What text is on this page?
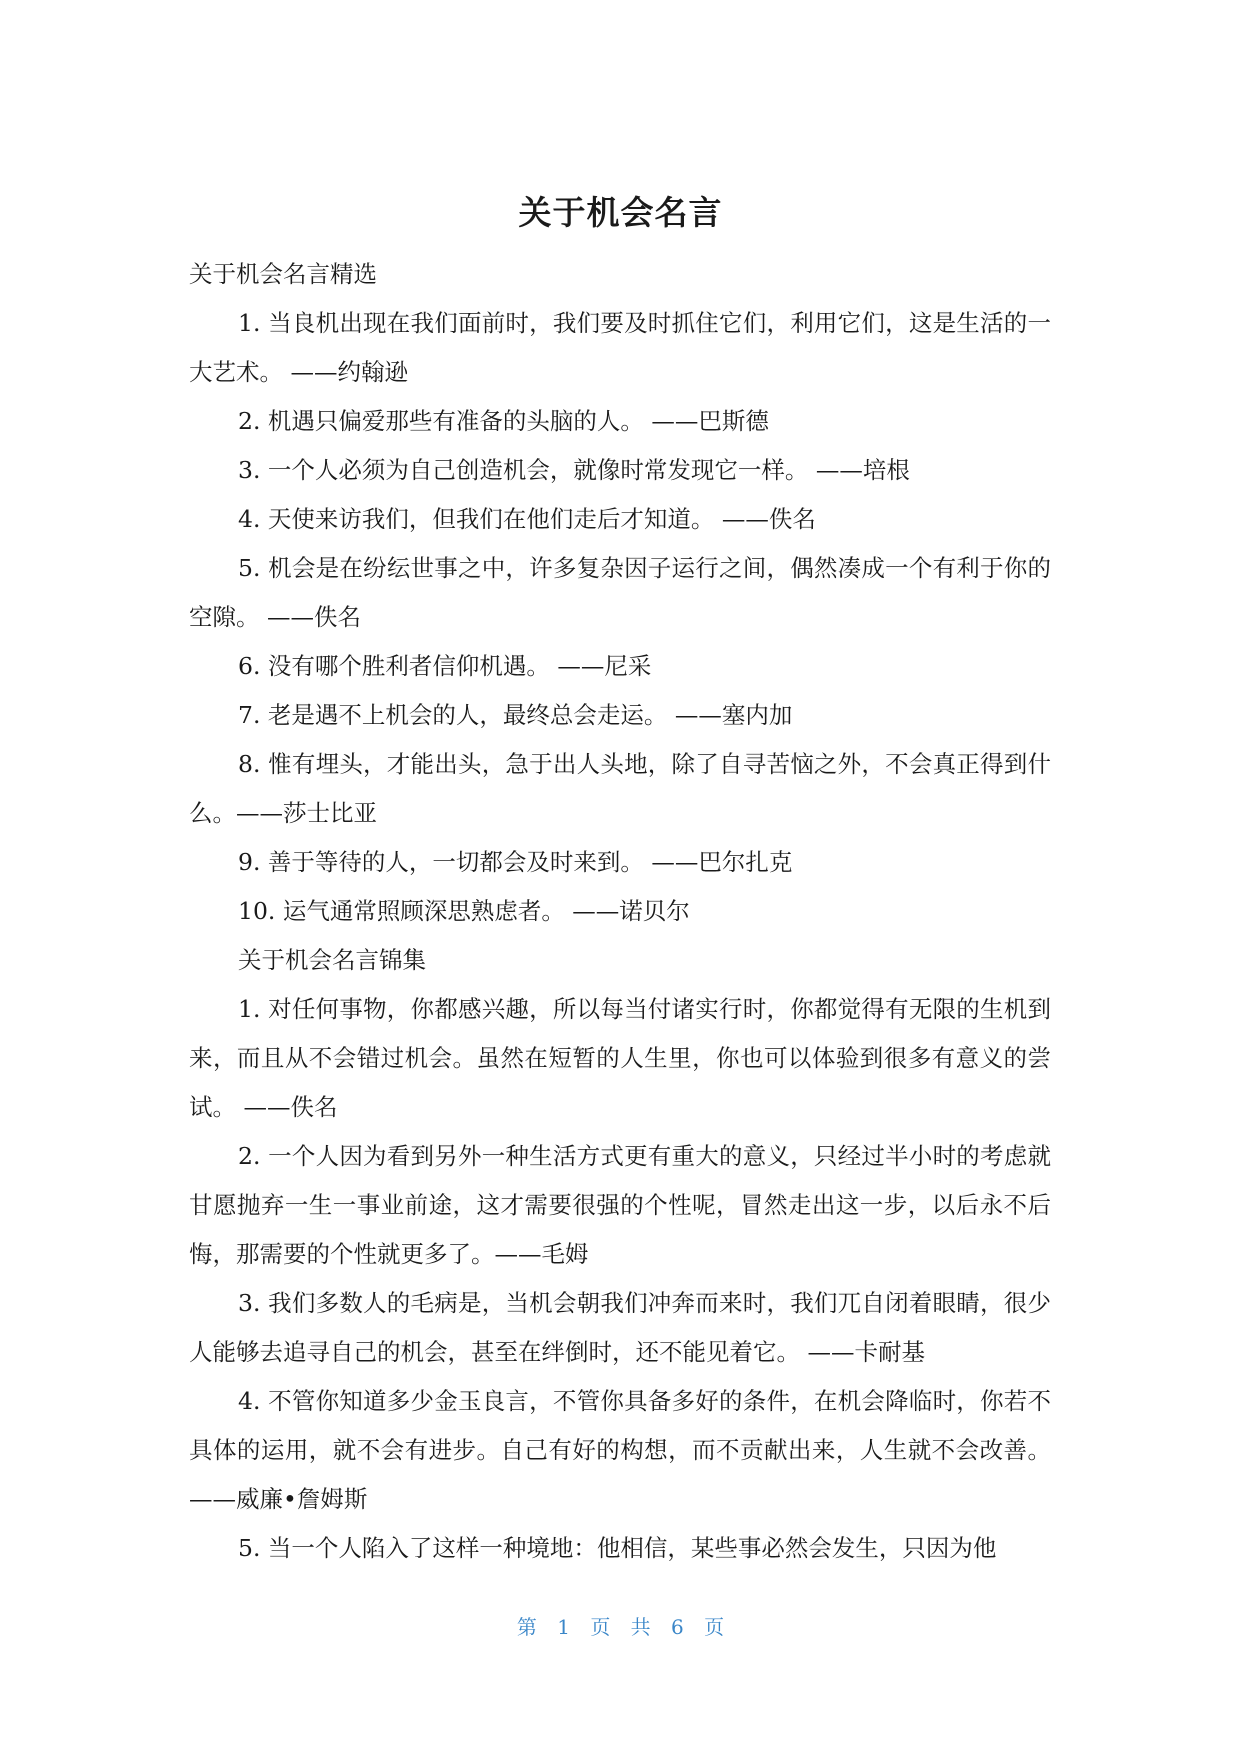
关于机会名言

关于机会名言精选

1. 当良机出现在我们面前时，我们要及时抓住它们，利用它们，这是生活的一大艺术。 ——约翰逊

2. 机遇只偏爱那些有准备的头脑的人。 ——巴斯德

3. 一个人必须为自己创造机会，就像时常发现它一样。 ——培根

4. 天使来访我们，但我们在他们走后才知道。 ——佚名

5. 机会是在纷纭世事之中，许多复杂因子运行之间，偶然凑成一个有利于你的空隙。 ——佚名

6. 没有哪个胜利者信仰机遇。 ——尼采

7. 老是遇不上机会的人，最终总会走运。 ——塞内加

8. 惟有埋头，才能出头，急于出人头地，除了自寻苦恼之外，不会真正得到什么。——莎士比亚

9. 善于等待的人，一切都会及时来到。 ——巴尔扎克

10. 运气通常照顾深思熟虑者。 ——诺贝尔

关于机会名言锦集

1. 对任何事物，你都感兴趣，所以每当付诸实行时，你都觉得有无限的生机到来，而且从不会错过机会。虽然在短暂的人生里，你也可以体验到很多有意义的尝试。 ——佚名

2. 一个人因为看到另外一种生活方式更有重大的意义，只经过半小时的考虑就甘愿抛弃一生一事业前途，这才需要很强的个性呢，冒然走出这一步，以后永不后悔，那需要的个性就更多了。——毛姆

3. 我们多数人的毛病是，当机会朝我们冲奔而来时，我们兀自闭着眼睛，很少人能够去追寻自己的机会，甚至在绊倒时，还不能见着它。 ——卡耐基

4. 不管你知道多少金玉良言，不管你具备多好的条件，在机会降临时，你若不具体的运用，就不会有进步。自己有好的构想，而不贡献出来，人生就不会改善。——威廉•詹姆斯

5. 当一个人陷入了这样一种境地：他相信，某些事必然会发生，只因为他

第 1 页 共 6 页
